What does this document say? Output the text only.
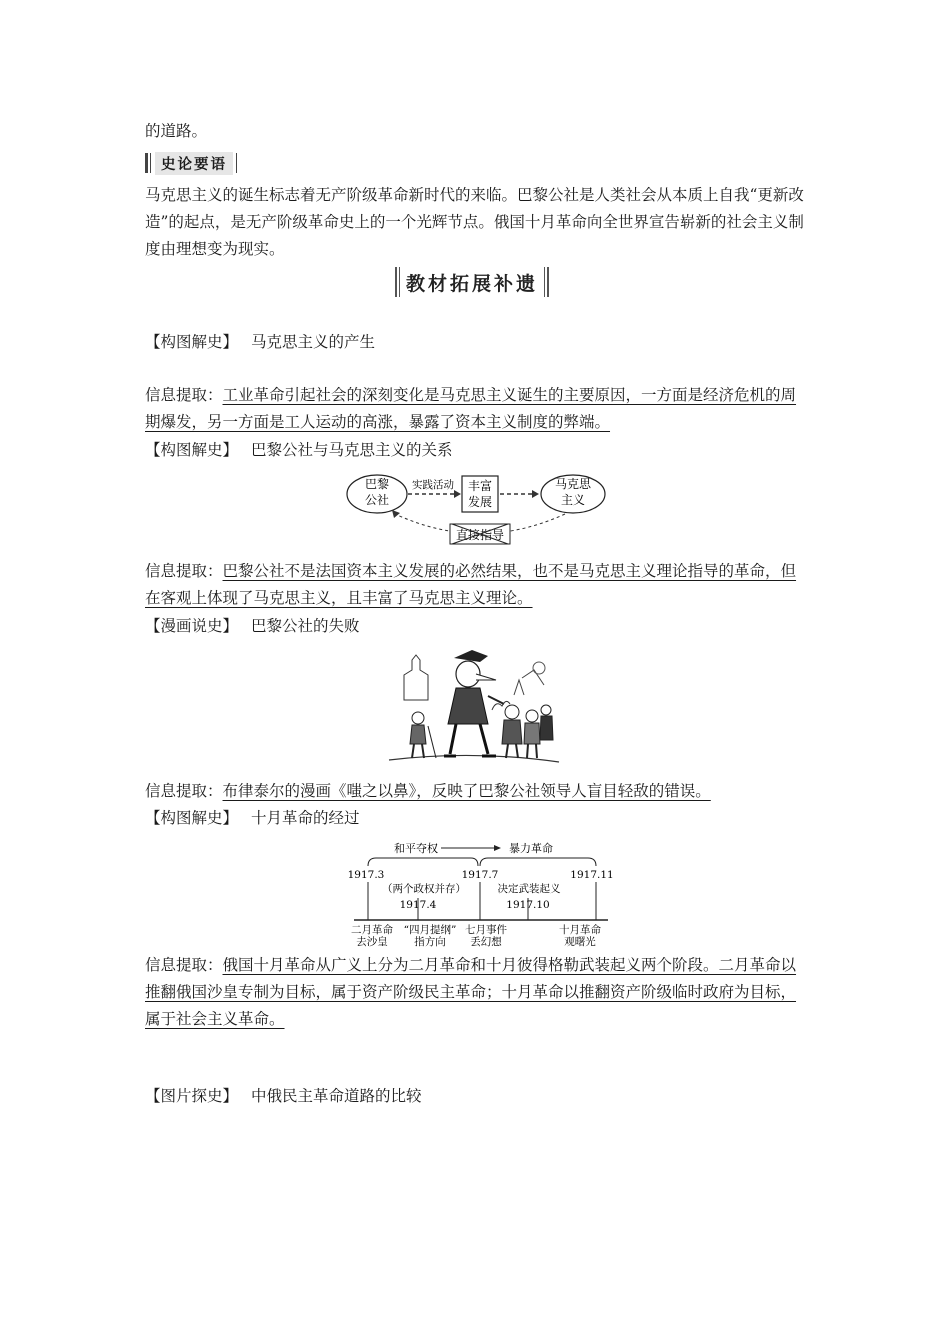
的道路。

史论要语

马克思主义的诞生标志着无产阶级革命新时代的来临。巴黎公社是人类社会从本质上自我“更新改造”的起点，是无产阶级革命史上的一个光辉节点。俄国十月革命向全世界宣告崭新的社会主义制度由理想变为现实。

教材拓展补遗
【构图解史】 马克思主义的产生
信息提取：工业革命引起社会的深刻变化是马克思主义诞生的主要原因，一方面是经济危机的周期爆发，另一方面是工人运动的高涨，暴露了资本主义制度的弊端。
【构图解史】 巴黎公社与马克思主义的关系
巴黎
公社
实践活动 丰富
发展
马克思
主义
直接指导
信息提取：巴黎公社不是法国资本主义发展的必然结果，也不是马克思主义理论指导的革命，但在客观上体现了马克思主义，且丰富了马克思主义理论。
【漫画说史】 巴黎公社的失败
信息提取：布律泰尔的漫画《嗤之以鼻》，反映了巴黎公社领导人盲目轻敌的错误。
【构图解史】 十月革命的经过
和平夺权	暴力革命
1917.3	1917.7	1917.11
（两个政权并存）	决定武装起义
1917.4	1917.10
二月革命
去沙皇
“四月提纲”
指方向
七月事件
丢幻想
十月革命
观曙光
信息提取：俄国十月革命从广义上分为二月革命和十月彼得格勒武装起义两个阶段。二月革命以推翻俄国沙皇专制为目标，属于资产阶级民主革命；十月革命以推翻资产阶级临时政府为目标，属于社会主义革命。
【图片探史】 中俄民主革命道路的比较
